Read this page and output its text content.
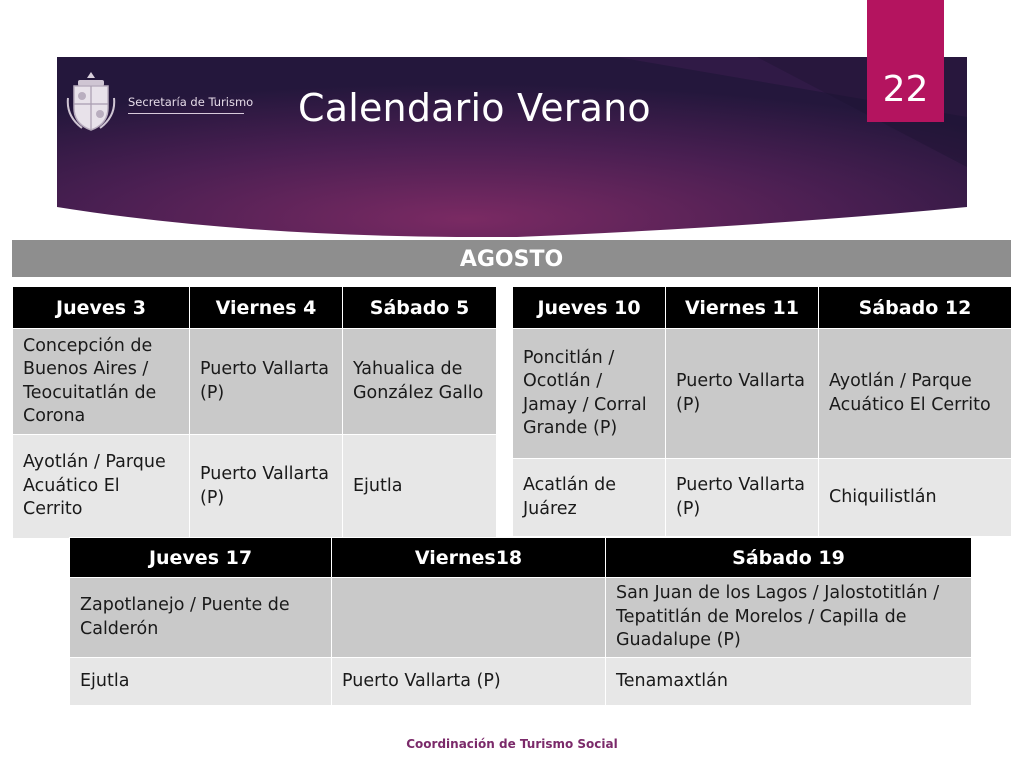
Secretaría de Turismo Calendario Verano	22
AGOSTO
Jueves 3	Viernes 4	Sábado 5
Concepción de Buenos Aires / Teocuitatlán de Corona	Puerto Vallarta (P)	Yahualica de González Gallo
Ayotlán / Parque Acuático El Cerrito	Puerto Vallarta (P)	Ejutla
Jueves 10	Viernes 11	Sábado 12
Poncitlán / Ocotlán / Jamay / Corral Grande (P)	Puerto Vallarta (P)	Ayotlán / Parque Acuático El Cerrito
Acatlán de Juárez	Puerto Vallarta (P)	Chiquilistlán
Jueves 17	Viernes18	Sábado 19
Zapotlanejo / Puente de Calderón		San Juan de los Lagos / Jalostotitlán / Tepatitlán de Morelos / Capilla de Guadalupe (P)
Ejutla	Puerto Vallarta (P)	Tenamaxtlán
Coordinación de Turismo Social
